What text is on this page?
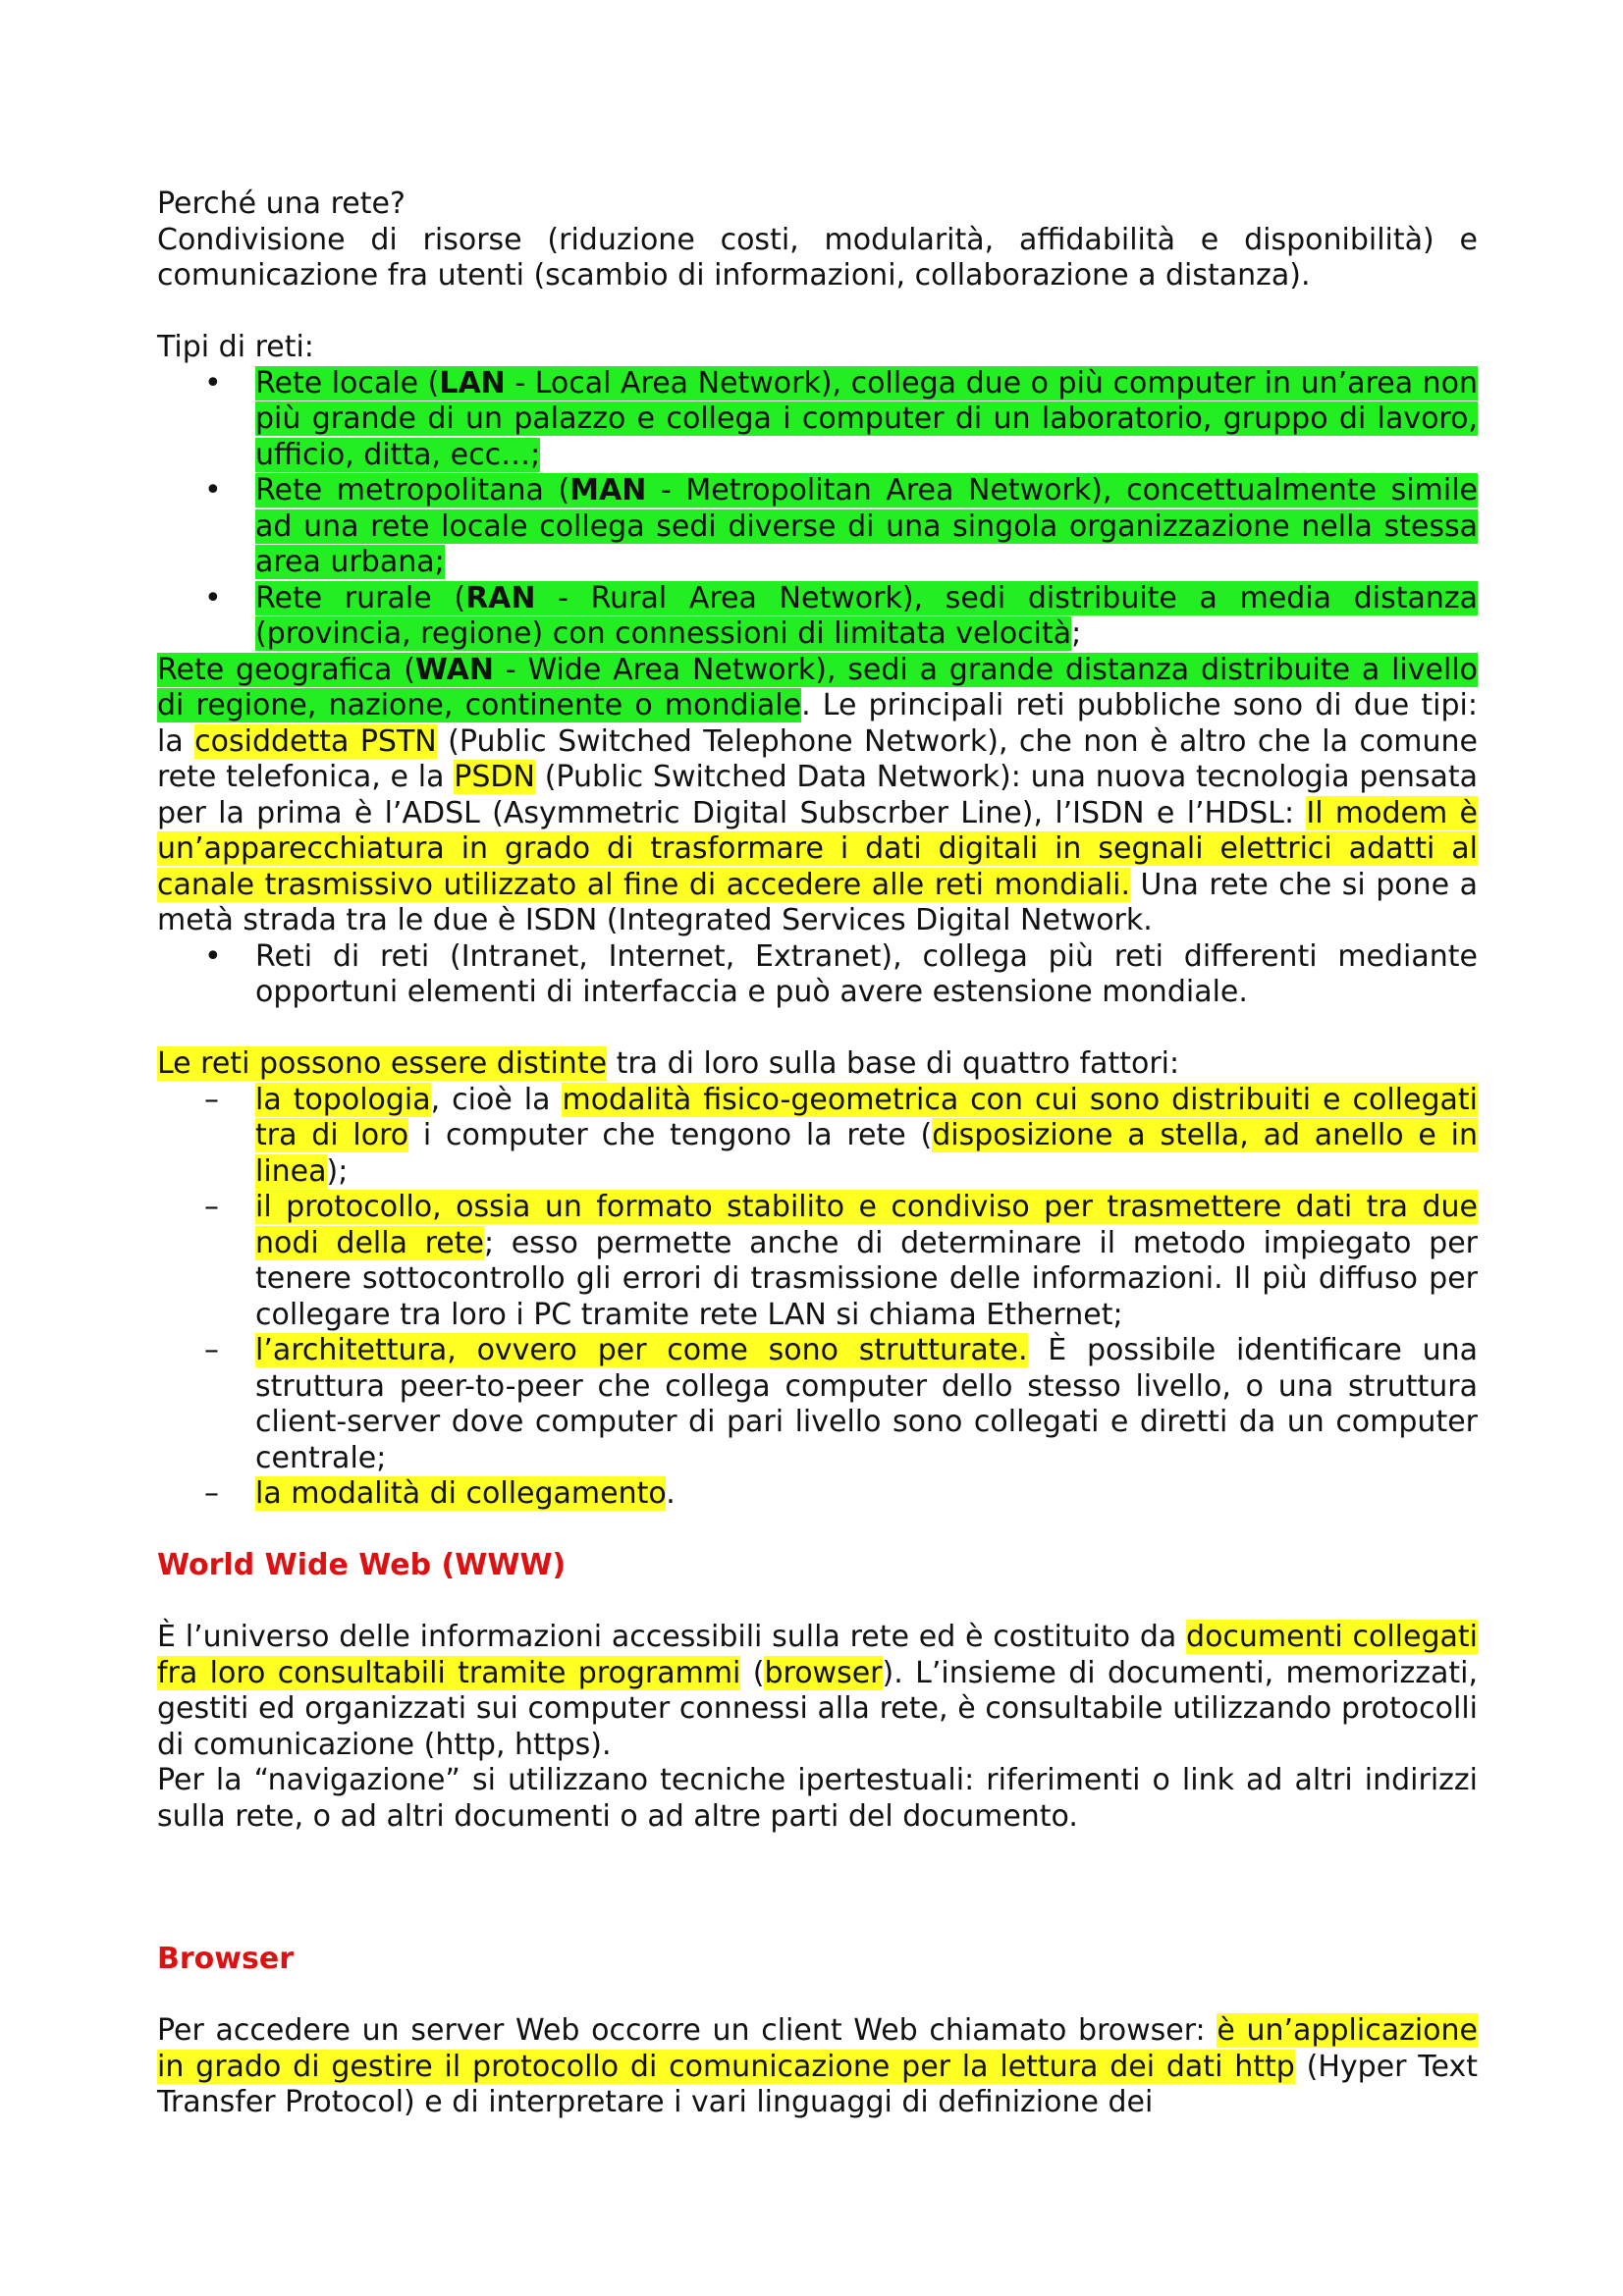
Perché una rete?

Condivisione di risorse (riduzione costi, modularità, affidabilità e disponibilità) e comunicazione fra utenti (scambio di informazioni, collaborazione a distanza).

Tipi di reti:

• Rete locale (LAN - Local Area Network), collega due o più computer in un’area non più grande di un palazzo e collega i computer di un laboratorio, gruppo di lavoro, ufficio, ditta, ecc…;
• Rete metropolitana (MAN - Metropolitan Area Network), concettualmente simile ad una rete locale collega sedi diverse di una singola organizzazione nella stessa area urbana;
• Rete rurale (RAN - Rural Area Network), sedi distribuite a media distanza (provincia, regione) con connessioni di limitata velocità;

Rete geografica (WAN - Wide Area Network), sedi a grande distanza distribuite a livello di regione, nazione, continente o mondiale. Le principali reti pubbliche sono di due tipi: la cosiddetta PSTN (Public Switched Telephone Network), che non è altro che la comune rete telefonica, e la PSDN (Public Switched Data Network): una nuova tecnologia pensata per la prima è l’ADSL (Asymmetric Digital Subscrber Line), l’ISDN e l’HDSL: Il modem è un’apparecchiatura in grado di trasformare i dati digitali in segnali elettrici adatti al canale trasmissivo utilizzato al fine di accedere alle reti mondiali. Una rete che si pone a metà strada tra le due è ISDN (Integrated Services Digital Network.

• Reti di reti (Intranet, Internet, Extranet), collega più reti differenti mediante opportuni elementi di interfaccia e può avere estensione mondiale.

Le reti possono essere distinte tra di loro sulla base di quattro fattori:

– la topologia, cioè la modalità fisico-geometrica con cui sono distribuiti e collegati tra di loro i computer che tengono la rete (disposizione a stella, ad anello e in linea);
– il protocollo, ossia un formato stabilito e condiviso per trasmettere dati tra due nodi della rete; esso permette anche di determinare il metodo impiegato per tenere sottocontrollo gli errori di trasmissione delle informazioni. Il più diffuso per collegare tra loro i PC tramite rete LAN si chiama Ethernet;
– l’architettura, ovvero per come sono strutturate. È possibile identificare una struttura peer-to-peer che collega computer dello stesso livello, o una struttura client-server dove computer di pari livello sono collegati e diretti da un computer centrale;
– la modalità di collegamento.

World Wide Web (WWW)

È l’universo delle informazioni accessibili sulla rete ed è costituito da documenti collegati fra loro consultabili tramite programmi (browser). L’insieme di documenti, memorizzati, gestiti ed organizzati sui computer connessi alla rete, è consultabile utilizzando protocolli di comunicazione (http, https).

Per la “navigazione” si utilizzano tecniche ipertestuali: riferimenti o link ad altri indirizzi sulla rete, o ad altri documenti o ad altre parti del documento.

Browser

Per accedere un server Web occorre un client Web chiamato browser: è un’applicazione in grado di gestire il protocollo di comunicazione per la lettura dei dati http (Hyper Text Transfer Protocol) e di interpretare i vari linguaggi di definizione dei
